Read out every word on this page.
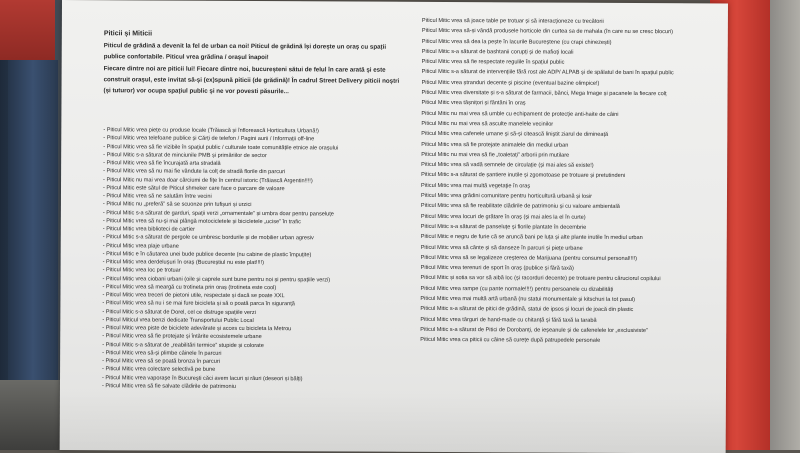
Piticii și Miticii

Piticul de grădină a devenit la fel de urban ca noi! Piticul de grădină își dorește un oraș cu spații publice confortabile. Piticul vrea grădina / orașul înapoi!

Fiecare dintre noi are piticii lui! Fiecare dintre noi, bucureșteni sătui de felul în care arată și este construit orașul, este invitat să-și (ex)spună piticii (de grădină)! În cadrul Street Delivery piticii noștri (și tuturor) vor ocupa spațiul public și ne vor povesti păsurile...

- Piticul Mitic vrea piețe cu produse locale (Trăiască și înflorească Horticultura Urbană!)
- Piticul Mitic vrea telefoane publice și Cărți de telefon / Pagini aurii / Informații off-line
- Piticul Mitic vrea să fie vizibile în spațiul public / culturale toate comunitățile etnice ale orașului
- Piticul Mitic s-a săturat de minciunile PMB și primăriilor de sector
- Piticul Mitic vrea să fie încurajată arta stradală
- Piticul Mitic vrea să nu mai fie vândute la colț de stradă florile din parcuri
- Piticul Mitic nu mai vrea doar cârciumi de fițe în centrul istoric (Trăiască Argentin!!!!)
- Piticul Mitic este sătul de Piticul shmeker care face o parcare de valoare
- Piticul Mitic vrea să ne salutăm între vecini
- Piticul Mitic nu „preferă” să se scuonze prin tufișuri și urzici
- Piticul Mitic s-a săturat de garduri, spații verzi „ornamentale” și umbra doar pentru panseluțe
- Piticul Mitic vrea să nu-și mai plângă motocicletele și bicicletele „ucise” în trafic
- Piticul Mitic vrea biblioteci de cartier
- Piticul Mitic s-a săturat de pergole ce umbresc bordurile și de mobilier urban agresiv
- Piticul Mitic vrea plaje urbane
- Piticul Mitic e în căutarea unei bude publice decente (nu cabine de plastic împuțite)
- Piticul Mitic vrea derdelușuri în oraș (Bucureștiul nu este plat!!!!)
- Piticul Mitic vrea loc pe trotuar
- Piticul Mitic vrea ciobani urbani (oile și caprele sunt bune pentru noi și pentru spațiile verzi)
- Piticul Mitic vrea să meargă cu trotineta prin oraș (trotineta este cool)
- Piticul Mitic vrea treceri de pietoni utile, respectate și dacă se poate XXL
- Piticul Mitic vrea să nu i se mai fure bicicleta și să o poată parca în siguranță
- Piticul Mitic s-a săturat de Dorel, cel ce distruge spațiile verzi
- Piticul Miticul vrea benzi dedicate Transportului Public Local
- Piticul Mitic vrea piste de biciclete adevărate și acces cu bicicleta la Metrou
- Piticul Mitic vrea să fie protejate și întărite ecosistemele urbane
- Piticul Mitic s-a săturat de „reabilitări termice” stupide și colorate
- Piticul Mitic vrea să-și plimbe câinele în parcuri
- Piticul Mitic vrea să se poată bronza în parcuri
- Piticul Mitic vrea colectare selectivă pe bune
- Piticul Mitic vrea vaporașe în București căci avem lacuri și râuri (deseori și bălți)
- Piticul Mitic vrea să fie salvate clădirile de patrimoniu
Piticul Mitic vrea să joace table pe trotuar și să interacționeze cu trecătorii
Piticul Mitic vrea să-și vândă produsele horticole din curtea sa de mahala (în care nu se cresc blocuri)
Piticul Mitic vrea să dea la pește în lacurile Bucureștene (cu crapi chinezești)
Piticul Mitic s-a săturat de bashtanii corupți și de mafioți locali
Piticul Mitic vrea să fie respectate regulile în spațiul public
Piticul Mitic s-a săturat de intervențiile fără rost ale ADP/ ALPAB și de spălatul de bani în spațiul public
Piticul Mitic vrea ștranduri decente și piscine (eventual bazine olimpice!)
Piticul Mitic vrea diversitate și s-a săturat de farmacii, bănci, Mega Image și pacanele la fiecare colț
Piticul Mitic vrea tâșnițori și fântâni în oraș
Piticul Mitic nu mai vrea să umble cu echipament de protecție anti-haite de câini
Piticul Mitic nu mai vrea să asculte manelele vecinilor
Piticul Mitic vrea cafenele umane și să-și citească liniștit ziarul de dimineață
Piticul Mitic vrea să fie protejate animalele din mediul urban
Piticul Mitic nu mai vrea să fie „toaletați” arborii prin mutilare
Piticul Mitic vrea să vadă semnele de circulație (și mai ales să existe!)
Piticul Mitic s-a săturat de șantiere inutile și zgomotoase pe trotuare și pretutindeni
Piticul Mitic vrea mai multă vegetație în oraș
Piticul Mitic vrea grădini comunitare pentru horticultură urbană și losir
Piticul Mitic vrea să fie reabilitate clădirile de patrimoniu și cu valoare ambientală
Piticul Mitic vrea locuri de grătare în oraș (și mai ales la el în curte)
Piticul Mitic s-a săturat de panseluțe și florile plantate în decembrie
Piticul Mitic e negru de furie că se aruncă bani pe luța și alte plante inutile în mediul urban
Piticul Mitic vrea să cânte și să danseze în parcuri și piețe urbane
Piticul Mitic vrea să se legalizeze creșterea de Marijuana (pentru consumul personal!!!!)
Piticul Mitic vrea terenuri de sport în oraș (publice și fără taxă)
Piticul Mitic și sotia sa vor să aibă loc (și racorduri decente) pe trotuare pentru căruciorul copilului
Piticul Mitic vrea rampe (cu pante normale!!!!) pentru persoanele cu dizabilități
Piticul Mitic vrea mai multă artă urbană (nu statui monumentale și kitschuri la tot pasul)
Piticul Mitic s-a săturat de pitici de grădină, statui de ipsos și locuri de joacă din plastic
Piticul Mitic vrea târguri de hand-made cu chitanță și fără taxă la tarabă
Piticul Mitic s-a săturat de Pitici de Dorobanți, de ieșeanule și de cafenelele lor „exclusiviste”
Piticul Mitic vrea ca piticii cu câine să curețe după patrupedele personale
